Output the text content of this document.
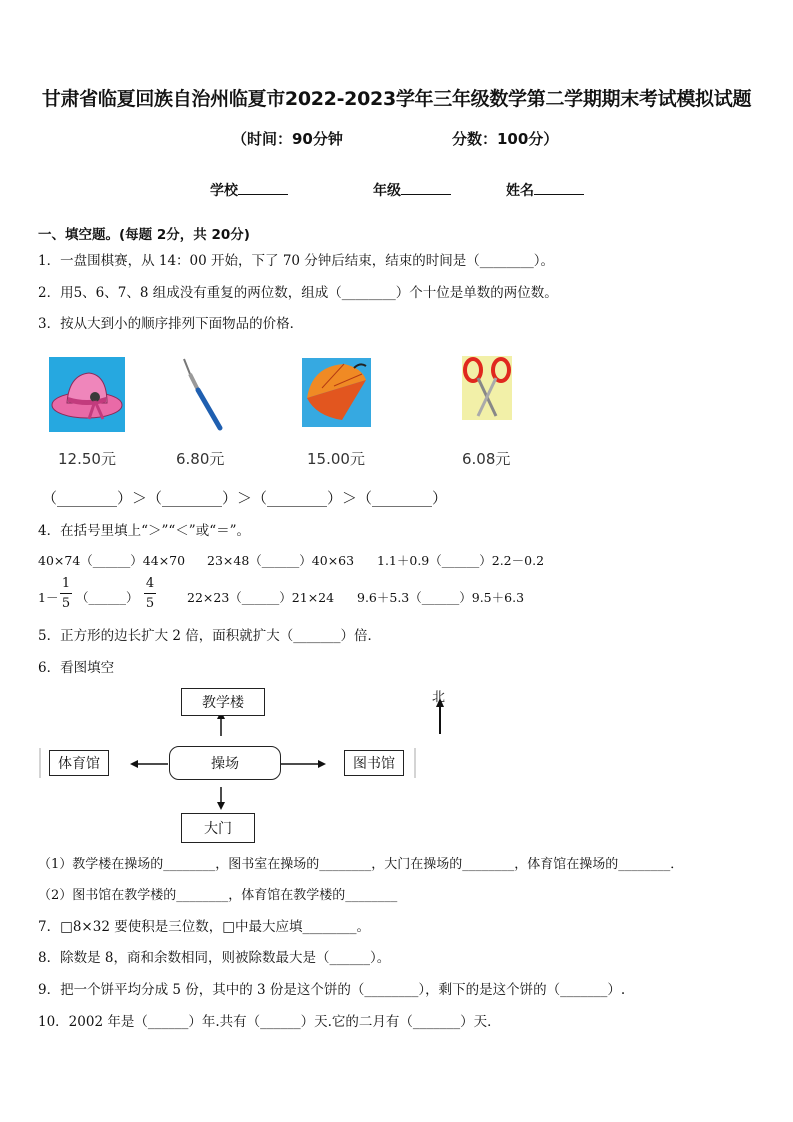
甘肃省临夏回族自治州临夏市2022-2023学年三年级数学第二学期期末考试模拟试题
（时间：90分钟	分数：100分）
学校	年级	姓名
一、填空题。(每题 2分，共 20分)
1．一盘围棋赛，从 14：00 开始，下了 70 分钟后结束，结束的时间是（________）。
2．用5、6、7、8 组成没有重复的两位数，组成（________）个十位是单数的两位数。
3．按从大到小的顺序排列下面物品的价格．
12.50元	6.80元	15.00元	6.08元
（________）＞（________）＞（________）＞（________）
4．在括号里填上“＞”“＜”或“＝”。
40×74（______）44×70 23×48（______）40×63 1.1＋0.9（______）2.2－0.2
1－
1
5 （______）
4
5	22×23（______）21×24 9.6＋5.3（______）9.5＋6.3
5．正方形的边长扩大 2 倍，面积就扩大（_______）倍．
6．看图填空
北
教学楼
操场
体育馆	图书馆
大门
（1）教学楼在操场的________，图书室在操场的________，大门在操场的________，体育馆在操场的________．
（2）图书馆在教学楼的________，体育馆在教学楼的________
7．□8×32 要使积是三位数，□中最大应填________。
8．除数是 8，商和余数相同，则被除数最大是（______）。
9．把一个饼平均分成 5 份，其中的 3 份是这个饼的（________），剩下的是这个饼的（_______）.
10．2002 年是（______）年.共有（______）天.它的二月有（_______）天．
